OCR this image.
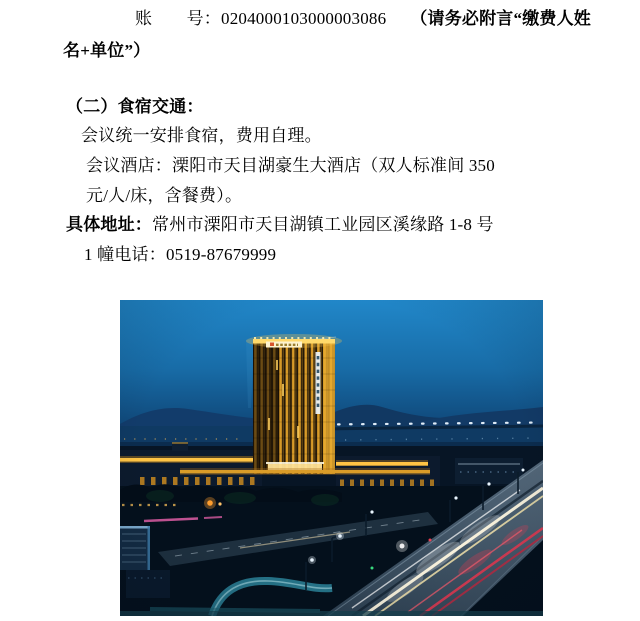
账　　号：0204000103000003086 （请务必附言“缴费人姓
名+单位”）
（二）食宿交通：
会议统一安排食宿，费用自理。
会议酒店：溧阳市天目湖豪生大酒店（双人标准间 350
元/人/床，含餐费）。
具体地址：常州市溧阳市天目湖镇工业园区溪缘路 1-8 号
1 幢电话：0519-87679999
